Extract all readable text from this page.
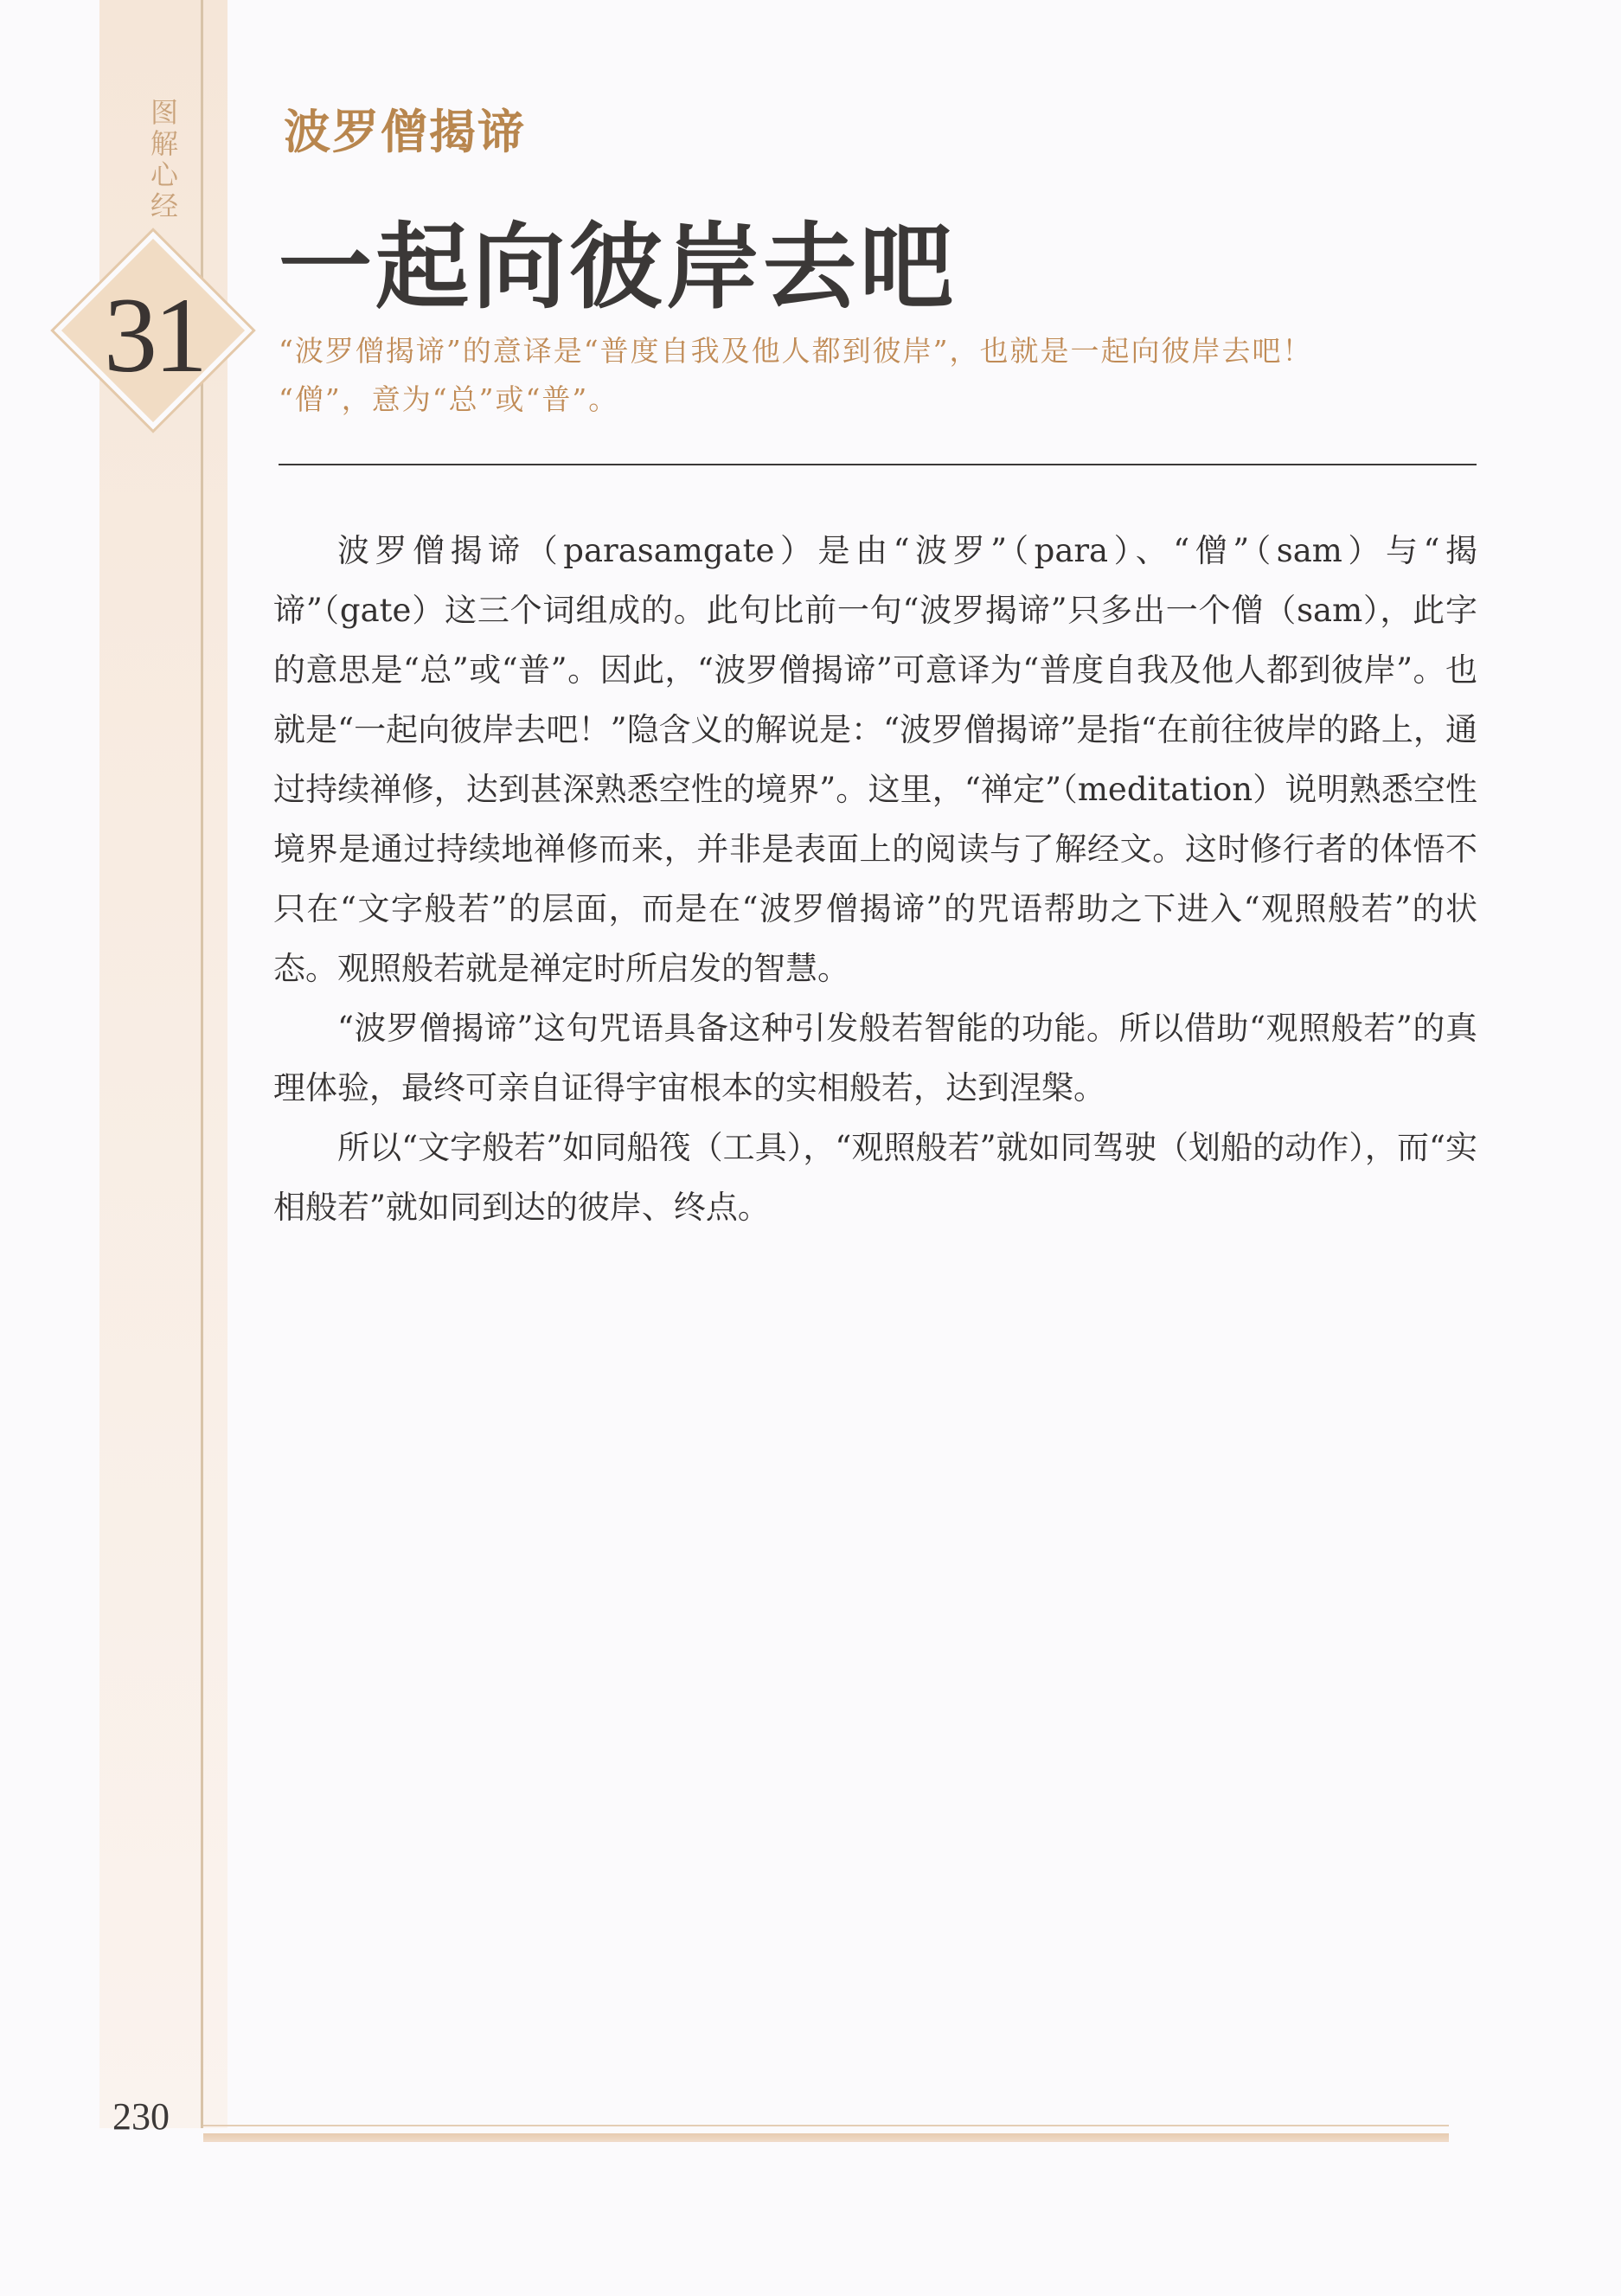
图解心经
31
波罗僧揭谛
一起向彼岸去吧
“波罗僧揭谛”的意译是“普度自我及他人都到彼岸”，也就是一起向彼岸去吧！
“僧”，意为“总”或“普”。

波罗僧揭谛（parasamgate）是由“波罗”（para）、“僧”（sam）与“揭谛”（gate）这三个词组成的。此句比前一句“波罗揭谛”只多出一个僧（sam），此字的意思是“总”或“普”。因此，“波罗僧揭谛”可意译为“普度自我及他人都到彼岸”。也就是“一起向彼岸去吧！”隐含义的解说是：“波罗僧揭谛”是指“在前往彼岸的路上，通过持续禅修，达到甚深熟悉空性的境界”。这里，“禅定”（meditation）说明熟悉空性境界是通过持续地禅修而来，并非是表面上的阅读与了解经文。这时修行者的体悟不只在“文字般若”的层面，而是在“波罗僧揭谛”的咒语帮助之下进入“观照般若”的状态。观照般若就是禅定时所启发的智慧。

“波罗僧揭谛”这句咒语具备这种引发般若智能的功能。所以借助“观照般若”的真理体验，最终可亲自证得宇宙根本的实相般若，达到涅槃。

所以“文字般若”如同船筏（工具），“观照般若”就如同驾驶（划船的动作），而“实相般若”就如同到达的彼岸、终点。

230
